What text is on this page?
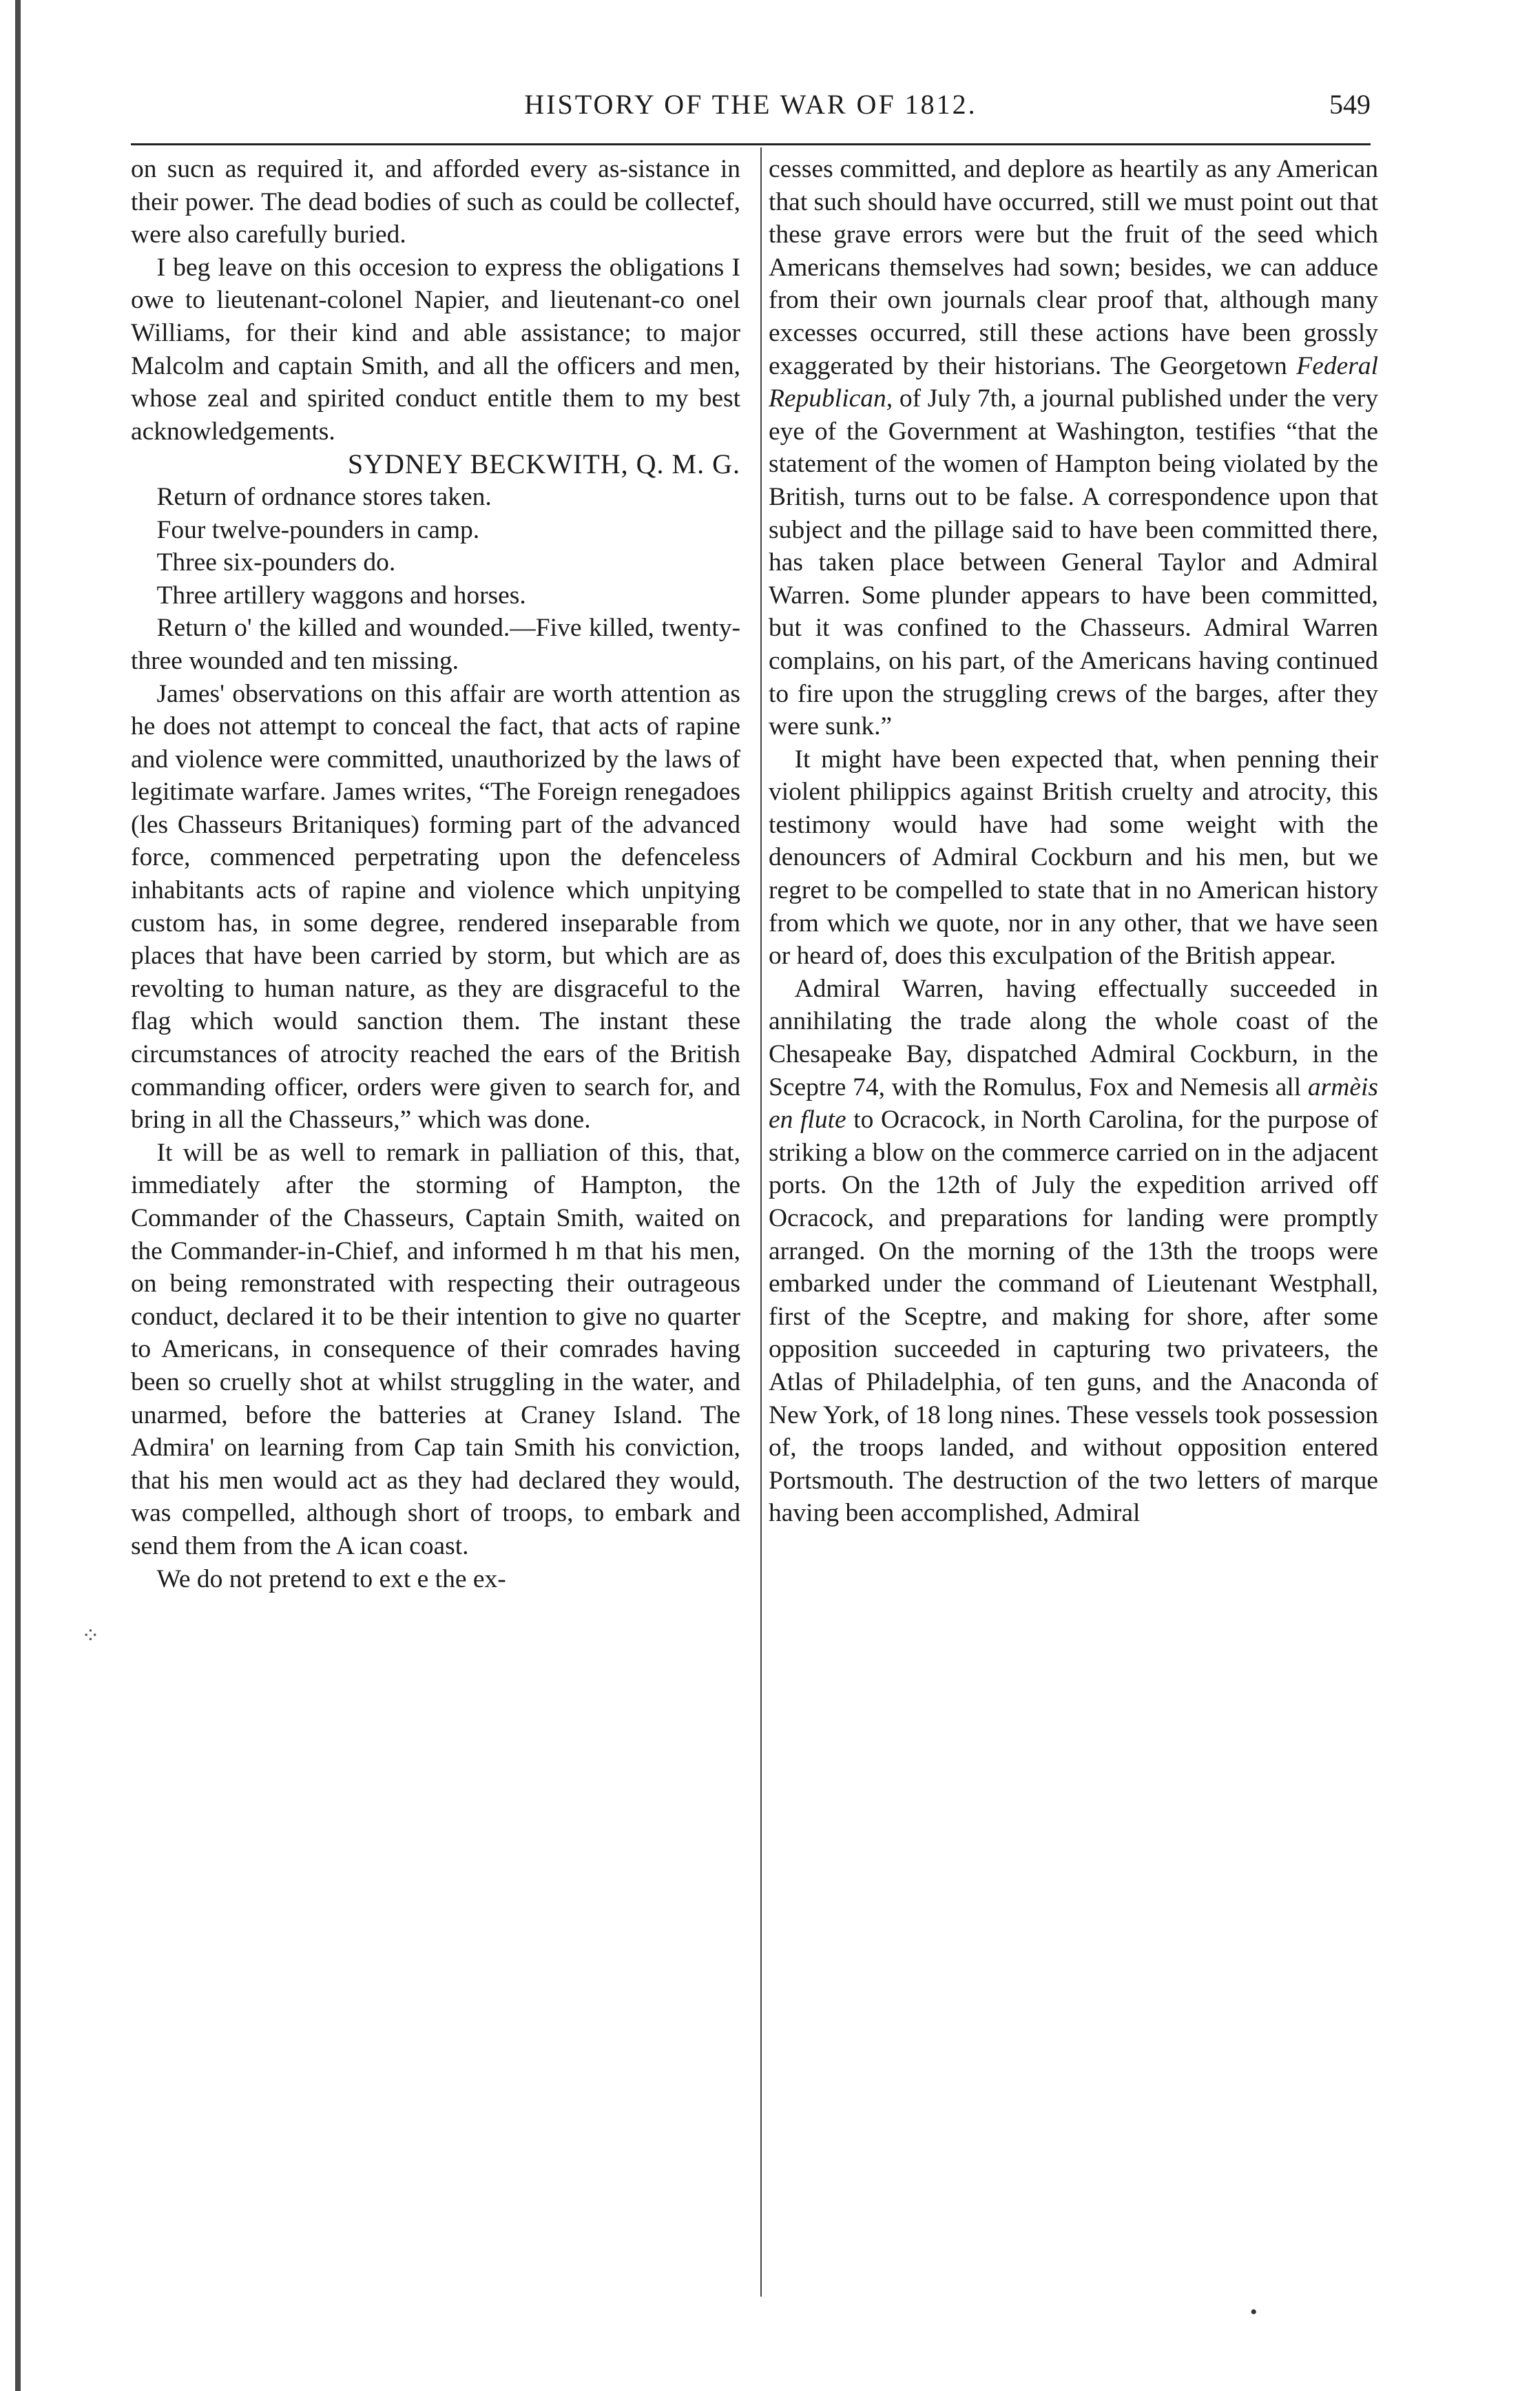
HISTORY OF THE WAR OF 1812.	549

on sucn as required it, and afforded every as-sistance in their power. The dead bodies of such as could be collectef, were also carefully buried.

I beg leave on this occesion to express the obligations I owe to lieutenant-colonel Napier, and lieutenant-co onel Williams, for their kind and able assistance; to major Malcolm and captain Smith, and all the officers and men, whose zeal and spirited conduct entitle them to my best acknowledgements.

SYDNEY BECKWITH, Q. M. G.

Return of ordnance stores taken.

Four twelve-pounders in camp.

Three six-pounders do.

Three artillery waggons and horses.

Return o' the killed and wounded.—Five killed, twenty-three wounded and ten missing.

James' observations on this affair are worth attention as he does not attempt to conceal the fact, that acts of rapine and violence were committed, unauthorized by the laws of legitimate warfare. James writes, “The Foreign renegadoes (les Chasseurs Britaniques) forming part of the advanced force, commenced perpetrating upon the defenceless inhabitants acts of rapine and violence which unpitying custom has, in some degree, rendered inseparable from places that have been carried by storm, but which are as revolting to human nature, as they are disgraceful to the flag which would sanction them. The instant these circumstances of atrocity reached the ears of the British commanding officer, orders were given to search for, and bring in all the Chasseurs,” which was done.

It will be as well to remark in palliation of this, that, immediately after the storming of Hampton, the Commander of the Chasseurs, Captain Smith, waited on the Commander-in-Chief, and informed h m that his men, on being remonstrated with respecting their outrageous conduct, declared it to be their intention to give no quarter to Americans, in consequence of their comrades having been so cruelly shot at whilst struggling in the water, and unarmed, before the batteries at Craney Island. The Admira' on learning from Cap tain Smith his conviction, that his men would act as they had declared they would, was compelled, although short of troops, to embark and send them from the A ican coast.

We do not pretend to ext e the ex-

cesses committed, and deplore as heartily as any American that such should have occurred, still we must point out that these grave errors were but the fruit of the seed which Americans themselves had sown; besides, we can adduce from their own journals clear proof that, although many excesses occurred, still these actions have been grossly exaggerated by their historians. The Georgetown Federal Republican, of July 7th, a journal published under the very eye of the Government at Washington, testifies “that the statement of the women of Hampton being violated by the British, turns out to be false. A correspondence upon that subject and the pillage said to have been committed there, has taken place between General Taylor and Admiral Warren. Some plunder appears to have been committed, but it was confined to the Chasseurs. Admiral Warren complains, on his part, of the Americans having continued to fire upon the struggling crews of the barges, after they were sunk.”

It might have been expected that, when penning their violent philippics against British cruelty and atrocity, this testimony would have had some weight with the denouncers of Admiral Cockburn and his men, but we regret to be compelled to state that in no American history from which we quote, nor in any other, that we have seen or heard of, does this exculpation of the British appear.

Admiral Warren, having effectually succeeded in annihilating the trade along the whole coast of the Chesapeake Bay, dispatched Admiral Cockburn, in the Sceptre 74, with the Romulus, Fox and Nemesis all armèis en flute to Ocracock, in North Carolina, for the purpose of striking a blow on the commerce carried on in the adjacent ports. On the 12th of July the expedition arrived off Ocracock, and preparations for landing were promptly arranged. On the morning of the 13th the troops were embarked under the command of Lieutenant Westphall, first of the Sceptre, and making for shore, after some opposition succeeded in capturing two privateers, the Atlas of Philadelphia, of ten guns, and the Anaconda of New York, of 18 long nines. These vessels took possession of, the troops landed, and without opposition entered Portsmouth. The destruction of the two letters of marque having been accomplished, Admiral

⁘
•
